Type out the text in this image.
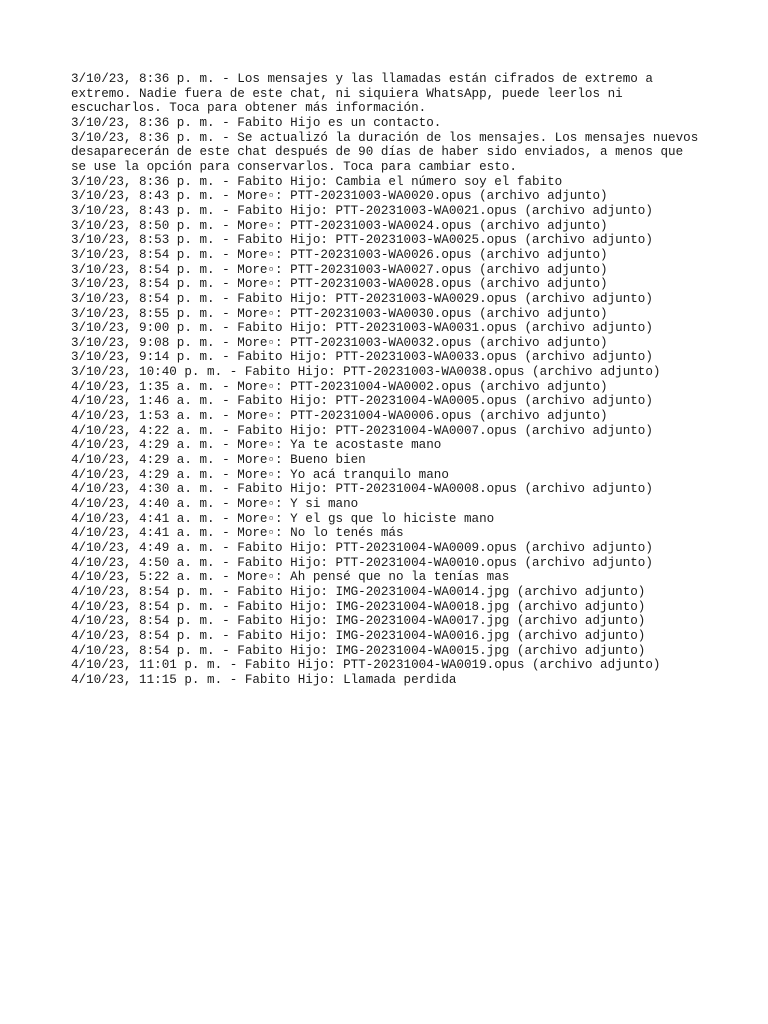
3/10/23, 8:36 p. m. - Los mensajes y las llamadas están cifrados de extremo a

extremo. Nadie fuera de este chat, ni siquiera WhatsApp, puede leerlos ni

escucharlos. Toca para obtener más información.

3/10/23, 8:36 p. m. - Fabito Hijo es un contacto.

3/10/23, 8:36 p. m. - Se actualizó la duración de los mensajes. Los mensajes nuevos

desaparecerán de este chat después de 90 días de haber sido enviados, a menos que

se use la opción para conservarlos. Toca para cambiar esto.

3/10/23, 8:36 p. m. - Fabito Hijo: Cambia el número soy el fabito

3/10/23, 8:43 p. m. - More▫: PTT-20231003-WA0020.opus (archivo adjunto)

3/10/23, 8:43 p. m. - Fabito Hijo: PTT-20231003-WA0021.opus (archivo adjunto)

3/10/23, 8:50 p. m. - More▫: PTT-20231003-WA0024.opus (archivo adjunto)

3/10/23, 8:53 p. m. - Fabito Hijo: PTT-20231003-WA0025.opus (archivo adjunto)

3/10/23, 8:54 p. m. - More▫: PTT-20231003-WA0026.opus (archivo adjunto)

3/10/23, 8:54 p. m. - More▫: PTT-20231003-WA0027.opus (archivo adjunto)

3/10/23, 8:54 p. m. - More▫: PTT-20231003-WA0028.opus (archivo adjunto)

3/10/23, 8:54 p. m. - Fabito Hijo: PTT-20231003-WA0029.opus (archivo adjunto)

3/10/23, 8:55 p. m. - More▫: PTT-20231003-WA0030.opus (archivo adjunto)

3/10/23, 9:00 p. m. - Fabito Hijo: PTT-20231003-WA0031.opus (archivo adjunto)

3/10/23, 9:08 p. m. - More▫: PTT-20231003-WA0032.opus (archivo adjunto)

3/10/23, 9:14 p. m. - Fabito Hijo: PTT-20231003-WA0033.opus (archivo adjunto)

3/10/23, 10:40 p. m. - Fabito Hijo: PTT-20231003-WA0038.opus (archivo adjunto)

4/10/23, 1:35 a. m. - More▫: PTT-20231004-WA0002.opus (archivo adjunto)

4/10/23, 1:46 a. m. - Fabito Hijo: PTT-20231004-WA0005.opus (archivo adjunto)

4/10/23, 1:53 a. m. - More▫: PTT-20231004-WA0006.opus (archivo adjunto)

4/10/23, 4:22 a. m. - Fabito Hijo: PTT-20231004-WA0007.opus (archivo adjunto)

4/10/23, 4:29 a. m. - More▫: Ya te acostaste mano

4/10/23, 4:29 a. m. - More▫: Bueno bien

4/10/23, 4:29 a. m. - More▫: Yo acá tranquilo mano

4/10/23, 4:30 a. m. - Fabito Hijo: PTT-20231004-WA0008.opus (archivo adjunto)

4/10/23, 4:40 a. m. - More▫: Y si mano

4/10/23, 4:41 a. m. - More▫: Y el gs que lo hiciste mano

4/10/23, 4:41 a. m. - More▫: No lo tenés más

4/10/23, 4:49 a. m. - Fabito Hijo: PTT-20231004-WA0009.opus (archivo adjunto)

4/10/23, 4:50 a. m. - Fabito Hijo: PTT-20231004-WA0010.opus (archivo adjunto)

4/10/23, 5:22 a. m. - More▫: Ah pensé que no la tenías mas

4/10/23, 8:54 p. m. - Fabito Hijo: IMG-20231004-WA0014.jpg (archivo adjunto)

4/10/23, 8:54 p. m. - Fabito Hijo: IMG-20231004-WA0018.jpg (archivo adjunto)

4/10/23, 8:54 p. m. - Fabito Hijo: IMG-20231004-WA0017.jpg (archivo adjunto)

4/10/23, 8:54 p. m. - Fabito Hijo: IMG-20231004-WA0016.jpg (archivo adjunto)

4/10/23, 8:54 p. m. - Fabito Hijo: IMG-20231004-WA0015.jpg (archivo adjunto)

4/10/23, 11:01 p. m. - Fabito Hijo: PTT-20231004-WA0019.opus (archivo adjunto)

4/10/23, 11:15 p. m. - Fabito Hijo: Llamada perdida
